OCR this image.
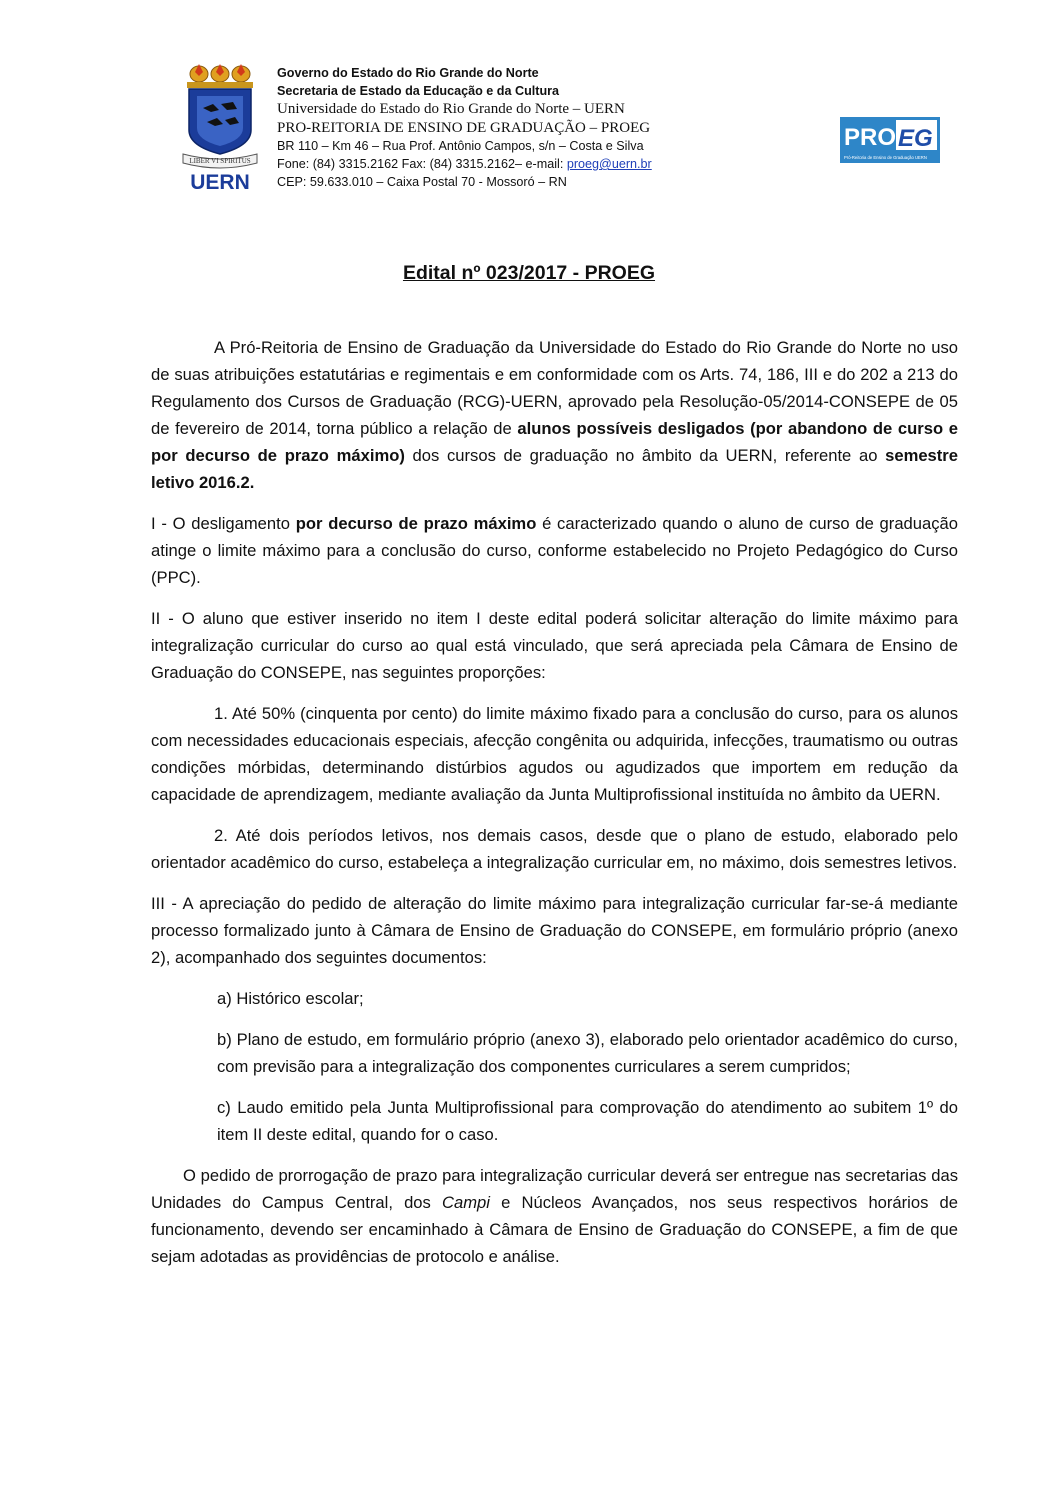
LIBER VI SPIRITUS
UERN
Governo do Estado do Rio Grande do Norte
Secretaria de Estado da Educação e da Cultura
Universidade do Estado do Rio Grande do Norte – UERN
PRO-REITORIA DE ENSINO DE GRADUAÇÃO – PROEG
BR 110 – Km 46 – Rua Prof. Antônio Campos, s/n – Costa e Silva
Fone: (84) 3315.2162 Fax: (84) 3315.2162– e-mail: proeg@uern.br
CEP: 59.633.010 – Caixa Postal 70 - Mossoró – RN
PRO EG
Pró-Reitoria de Ensino de Graduação UERN
Edital nº 023/2017 - PROEG

A Pró-Reitoria de Ensino de Graduação da Universidade do Estado do Rio Grande do Norte no uso de suas atribuições estatutárias e regimentais e em conformidade com os Arts. 74, 186, III e do 202 a 213 do Regulamento dos Cursos de Graduação (RCG)-UERN, aprovado pela Resolução-05/2014-CONSEPE de 05 de fevereiro de 2014, torna público a relação de alunos possíveis desligados (por abandono de curso e por decurso de prazo máximo) dos cursos de graduação no âmbito da UERN, referente ao semestre letivo 2016.2.

I - O desligamento por decurso de prazo máximo é caracterizado quando o aluno de curso de graduação atinge o limite máximo para a conclusão do curso, conforme estabelecido no Projeto Pedagógico do Curso (PPC).

II - O aluno que estiver inserido no item I deste edital poderá solicitar alteração do limite máximo para integralização curricular do curso ao qual está vinculado, que será apreciada pela Câmara de Ensino de Graduação do CONSEPE, nas seguintes proporções:

1. Até 50% (cinquenta por cento) do limite máximo fixado para a conclusão do curso, para os alunos com necessidades educacionais especiais, afecção congênita ou adquirida, infecções, traumatismo ou outras condições mórbidas, determinando distúrbios agudos ou agudizados que importem em redução da capacidade de aprendizagem, mediante avaliação da Junta Multiprofissional instituída no âmbito da UERN.

2. Até dois períodos letivos, nos demais casos, desde que o plano de estudo, elaborado pelo orientador acadêmico do curso, estabeleça a integralização curricular em, no máximo, dois semestres letivos.

III - A apreciação do pedido de alteração do limite máximo para integralização curricular far-se-á mediante processo formalizado junto à Câmara de Ensino de Graduação do CONSEPE, em formulário próprio (anexo 2), acompanhado dos seguintes documentos:

a) Histórico escolar;

b) Plano de estudo, em formulário próprio (anexo 3), elaborado pelo orientador acadêmico do curso, com previsão para a integralização dos componentes curriculares a serem cumpridos;

c) Laudo emitido pela Junta Multiprofissional para comprovação do atendimento ao subitem 1º do item II deste edital, quando for o caso.

O pedido de prorrogação de prazo para integralização curricular deverá ser entregue nas secretarias das Unidades do Campus Central, dos Campi e Núcleos Avançados, nos seus respectivos horários de funcionamento, devendo ser encaminhado à Câmara de Ensino de Graduação do CONSEPE, a fim de que sejam adotadas as providências de protocolo e análise.
